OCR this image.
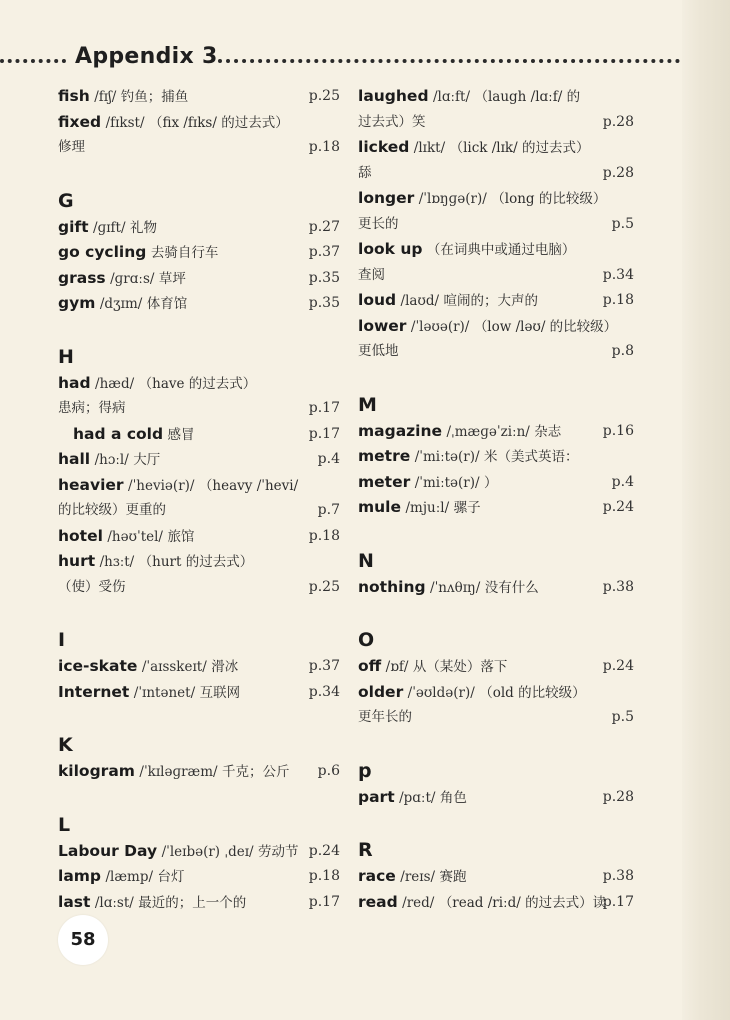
Appendix 3
fish /fɪʃ/ 钓鱼；捕鱼	p.25
fixed /fɪkst/ （fix /fɪks/ 的过去式）
修理	p.18
G
gift /ɡɪft/ 礼物	p.27
go cycling 去骑自行车	p.37
grass /ɡrɑːs/ 草坪	p.35
gym /dʒɪm/ 体育馆	p.35
H
had /hæd/ （have 的过去式）
患病；得病	p.17
had a cold 感冒	p.17
hall /hɔːl/ 大厅	p.4
heavier /ˈheviə(r)/ （heavy /ˈhevi/
的比较级）更重的	p.7
hotel /həʊˈtel/ 旅馆	p.18
hurt /hɜːt/ （hurt 的过去式）
（使）受伤	p.25
I
ice-skate /ˈaɪsskeɪt/ 滑冰	p.37
Internet /ˈɪntənet/ 互联网	p.34
K
kilogram /ˈkɪləɡræm/ 千克；公斤 p.6
L
Labour Day /ˈleɪbə(r) ˌdeɪ/ 劳动节 p.24
lamp /læmp/ 台灯	p.18
last /lɑːst/ 最近的；上一个的	p.17
laughed /lɑːft/ （laugh /lɑːf/ 的
过去式）笑	p.28
licked /lɪkt/ （lick /lɪk/ 的过去式）
舔	p.28
longer /ˈlɒŋɡə(r)/ （long 的比较级）
更长的	p.5
look up （在词典中或通过电脑）
查阅	p.34
loud /laʊd/ 喧闹的；大声的	p.18
lower /ˈləʊə(r)/ （low /ləʊ/ 的比较级）
更低地	p.8
M
magazine /ˌmæɡəˈziːn/ 杂志	p.16
metre /ˈmiːtə(r)/ 米（美式英语：
meter /ˈmiːtə(r)/ ）	p.4
mule /mjuːl/ 骡子	p.24
N
nothing /ˈnʌθɪŋ/ 没有什么	p.38
O
off /ɒf/ 从（某处）落下	p.24
older /ˈəʊldə(r)/ （old 的比较级）
更年长的	p.5
p
part /pɑːt/ 角色	p.28
R
race /reɪs/ 赛跑	p.38
read /red/ （read /riːd/ 的过去式）读
p.17
58
